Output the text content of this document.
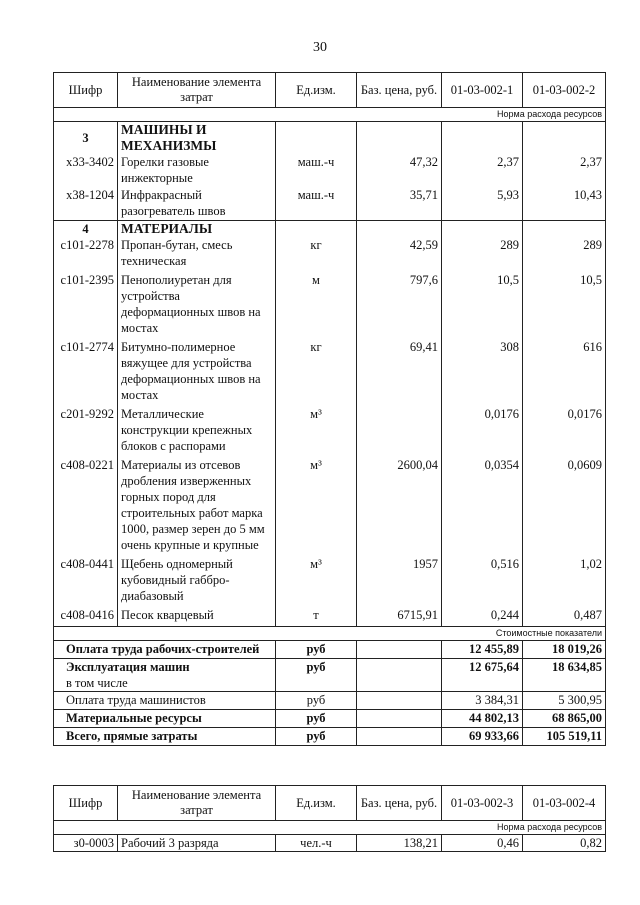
30
Шифр	Наименование элемента затрат	Ед.изм.	Баз. цена, руб.	01-03-002-1	01-03-002-2
Норма расхода ресурсов					
3	МАШИНЫ И МЕХАНИЗМЫ				
х33-3402	Горелки газовые инжекторные	маш.-ч	47,32	2,37	2,37
х38-1204	Инфракрасный разогреватель швов	маш.-ч	35,71	5,93	10,43
4	МАТЕРИАЛЫ				
с101-2278	Пропан-бутан, смесь техническая	кг	42,59	289	289
с101-2395	Пенополиуретан для устройства деформационных швов на мостах	м	797,6	10,5	10,5
с101-2774	Битумно-полимерное вяжущее для устройства деформационных швов на мостах	кг	69,41	308	616
с201-9292	Металлические конструкции крепежных блоков с распорами	м³		0,0176	0,0176
с408-0221	Материалы из отсевов дробления изверженных горных пород для строительных работ марка 1000, размер зерен до 5 мм очень крупные и крупные	м³	2600,04	0,0354	0,0609
с408-0441	Щебень одномерный кубовидный габбро-диабазовый	м³	1957	0,516	1,02
с408-0416	Песок кварцевый	т	6715,91	0,244	0,487
Стоимостные показатели					
Оплата труда рабочих-строителей		руб		12 455,89	18 019,26

Эксплуатация машин
в том числе		руб		12 675,64	18 634,85
Оплата труда машинистов		руб		3 384,31	5 300,95
Материальные ресурсы		руб		44 802,13	68 865,00
Всего, прямые затраты		руб		69 933,66	105 519,11
Шифр	Наименование элемента затрат	Ед.изм.	Баз. цена, руб.	01-03-002-3	01-03-002-4
Норма расхода ресурсов					
з0-0003	Рабочий 3 разряда	чел.-ч	138,21	0,46	0,82
